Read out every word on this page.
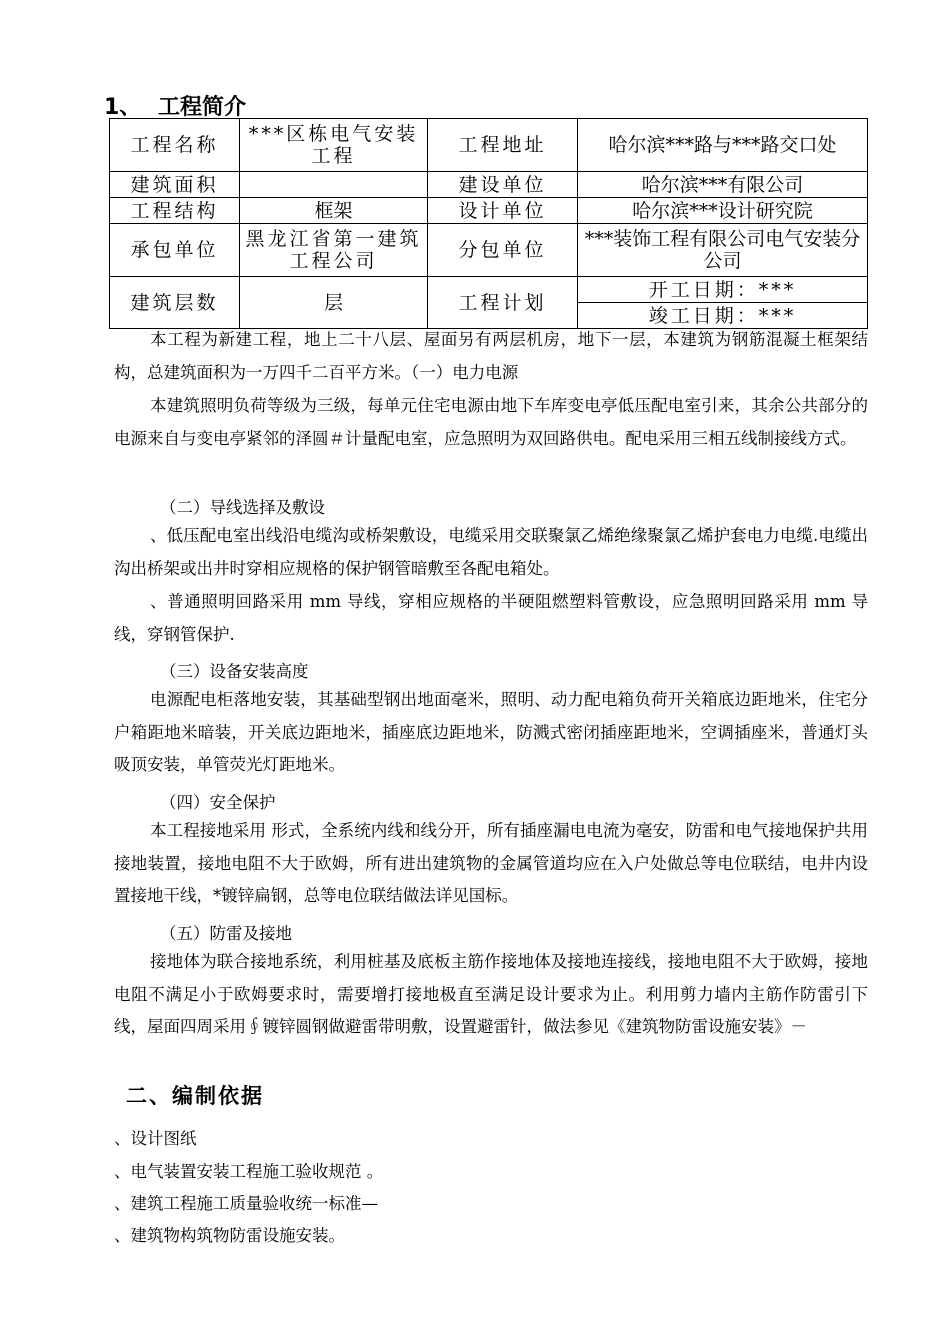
1、 工程简介
工程名称	***区栋电气安装工程	工程地址	哈尔滨***路与***路交口处
建筑面积		建设单位	哈尔滨***有限公司
工程结构	框架	设计单位	哈尔滨***设计研究院
承包单位	黑龙江省第一建筑工程公司	分包单位	***装饰工程有限公司电气安装分公司
建筑层数	层	工程计划	开工日期：***
			竣工日期：***
本工程为新建工程，地上二十八层、屋面另有两层机房，地下一层，本建筑为钢筋混凝土框架结构，总建筑面积为一万四千二百平方米。（一）电力电源
本建筑照明负荷等级为三级，每单元住宅电源由地下车库变电亭低压配电室引来，其余公共部分的电源来自与变电亭紧邻的泽圆＃计量配电室，应急照明为双回路供电。配电采用三相五线制接线方式。
（二）导线选择及敷设
、低压配电室出线沿电缆沟或桥架敷设，电缆采用交联聚氯乙烯绝缘聚氯乙烯护套电力电缆.电缆出沟出桥架或出井时穿相应规格的保护钢管暗敷至各配电箱处。
、普通照明回路采用 mm 导线，穿相应规格的半硬阻燃塑料管敷设，应急照明回路采用 mm 导线，穿钢管保护.
（三）设备安装高度
电源配电柜落地安装，其基础型钢出地面毫米，照明、动力配电箱负荷开关箱底边距地米，住宅分户箱距地米暗装，开关底边距地米，插座底边距地米，防溅式密闭插座距地米，空调插座米，普通灯头吸顶安装，单管荧光灯距地米。
（四）安全保护
本工程接地采用 形式，全系统内线和线分开，所有插座漏电电流为毫安，防雷和电气接地保护共用接地装置，接地电阻不大于欧姆，所有进出建筑物的金属管道均应在入户处做总等电位联结，电井内设置接地干线，*镀锌扁钢，总等电位联结做法详见国标。
（五）防雷及接地
接地体为联合接地系统，利用桩基及底板主筋作接地体及接地连接线，接地电阻不大于欧姆，接地电阻不满足小于欧姆要求时，需要增打接地极直至满足设计要求为止。利用剪力墙内主筋作防雷引下线，屋面四周采用∮镀锌圆钢做避雷带明敷，设置避雷针，做法参见《建筑物防雷设施安装》－
二、编制依据
、设计图纸
、电气装置安装工程施工验收规范 。
、建筑工程施工质量验收统一标准—
、建筑物构筑物防雷设施安装。
